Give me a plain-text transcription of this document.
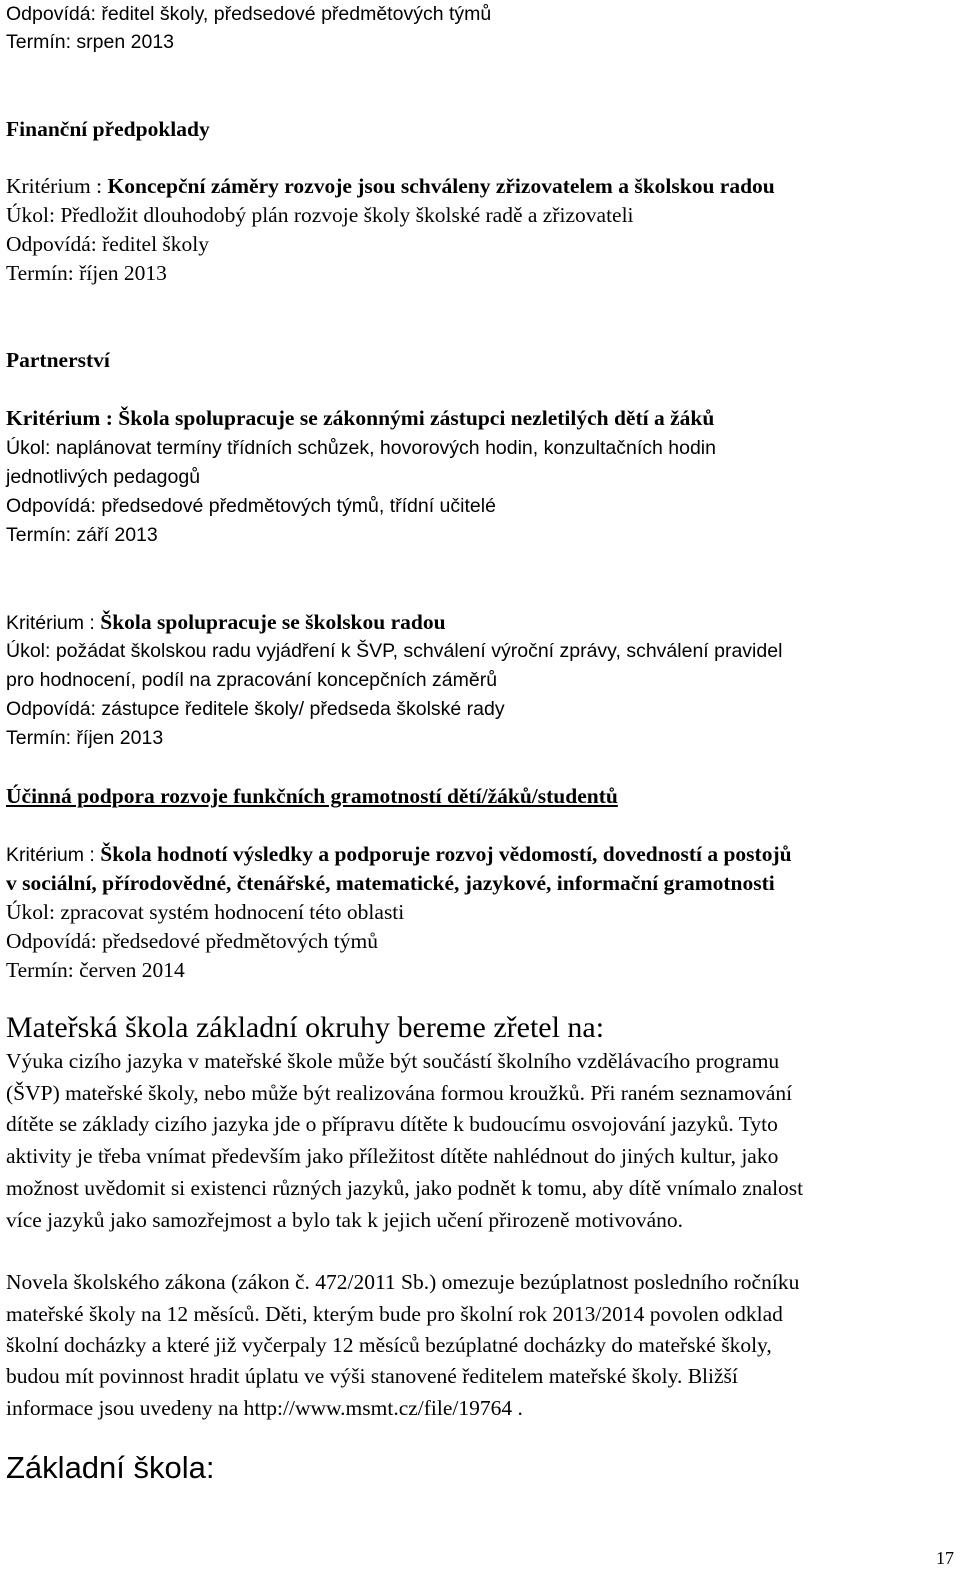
Odpovídá: ředitel školy, předsedové předmětových týmů
Termín: srpen 2013
Finanční předpoklady
Kritérium : Koncepční záměry rozvoje jsou schváleny zřizovatelem a školskou radou
Úkol: Předložit dlouhodobý plán rozvoje školy školské radě a zřizovateli
Odpovídá: ředitel školy
Termín: říjen 2013
Partnerství
Kritérium : Škola spolupracuje se zákonnými zástupci nezletilých dětí a žáků
Úkol: naplánovat termíny třídních schůzek, hovorových hodin, konzultačních hodin
jednotlivých pedagogů
Odpovídá: předsedové předmětových týmů, třídní učitelé
Termín: září 2013
Kritérium : Škola spolupracuje se školskou radou
Úkol: požádat školskou radu vyjádření k ŠVP, schválení výroční zprávy, schválení pravidel
pro hodnocení, podíl na zpracování koncepčních záměrů
Odpovídá: zástupce ředitele školy/ předseda školské rady
Termín: říjen 2013
Účinná podpora rozvoje funkčních gramotností dětí/žáků/studentů
Kritérium : Škola hodnotí výsledky a podporuje rozvoj vědomostí, dovedností a postojů
v sociální, přírodovědné, čtenářské, matematické, jazykové, informační gramotnosti
Úkol: zpracovat systém hodnocení této oblasti
Odpovídá: předsedové předmětových týmů
Termín: červen 2014
Mateřská škola základní okruhy bereme zřetel na:
Výuka cizího jazyka v mateřské škole může být součástí školního vzdělávacího programu
(ŠVP) mateřské školy, nebo může být realizována formou kroužků. Při raném seznamování
dítěte se základy cizího jazyka jde o přípravu dítěte k budoucímu osvojování jazyků. Tyto
aktivity je třeba vnímat především jako příležitost dítěte nahlédnout do jiných kultur, jako
možnost uvědomit si existenci různých jazyků, jako podnět k tomu, aby dítě vnímalo znalost
více jazyků jako samozřejmost a bylo tak k jejich učení přirozeně motivováno.
Novela školského zákona (zákon č. 472/2011 Sb.) omezuje bezúplatnost posledního ročníku
mateřské školy na 12 měsíců. Děti, kterým bude pro školní rok 2013/2014 povolen odklad
školní docházky a které již vyčerpaly 12 měsíců bezúplatné docházky do mateřské školy,
budou mít povinnost hradit úplatu ve výši stanovené ředitelem mateřské školy. Bližší
informace jsou uvedeny na http://www.msmt.cz/file/19764 .
Základní škola:
17
